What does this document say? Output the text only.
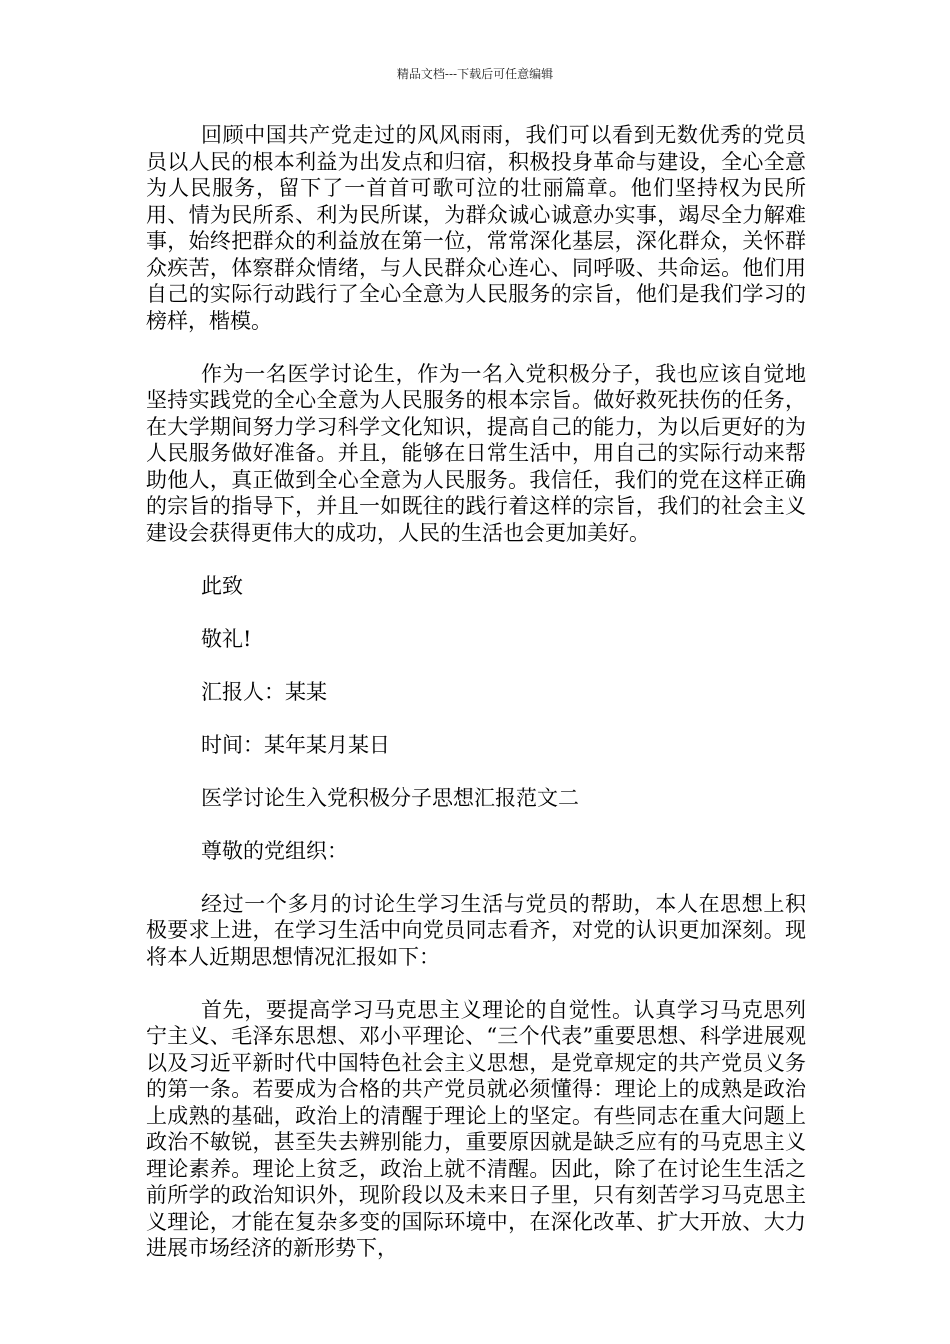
精品文档---下载后可任意编辑

回顾中国共产党走过的风风雨雨，我们可以看到无数优秀的党员员以人民的根本利益为出发点和归宿，积极投身革命与建设，全心全意为人民服务，留下了一首首可歌可泣的壮丽篇章。他们坚持权为民所用、情为民所系、利为民所谋，为群众诚心诚意办实事，竭尽全力解难事，始终把群众的利益放在第一位，常常深化基层，深化群众，关怀群众疾苦，体察群众情绪，与人民群众心连心、同呼吸、共命运。他们用自己的实际行动践行了全心全意为人民服务的宗旨，他们是我们学习的榜样，楷模。

作为一名医学讨论生，作为一名入党积极分子，我也应该自觉地坚持实践党的全心全意为人民服务的根本宗旨。做好救死扶伤的任务，在大学期间努力学习科学文化知识，提高自己的能力，为以后更好的为人民服务做好准备。并且，能够在日常生活中，用自己的实际行动来帮助他人，真正做到全心全意为人民服务。我信任，我们的党在这样正确的宗旨的指导下，并且一如既往的践行着这样的宗旨，我们的社会主义建设会获得更伟大的成功，人民的生活也会更加美好。

此致

敬礼!

汇报人：某某

时间：某年某月某日

医学讨论生入党积极分子思想汇报范文二

尊敬的党组织：

经过一个多月的讨论生学习生活与党员的帮助，本人在思想上积极要求上进，在学习生活中向党员同志看齐，对党的认识更加深刻。现将本人近期思想情况汇报如下：

首先，要提高学习马克思主义理论的自觉性。认真学习马克思列宁主义、毛泽东思想、邓小平理论、“三个代表”重要思想、科学进展观以及习近平新时代中国特色社会主义思想，是党章规定的共产党员义务的第一条。若要成为合格的共产党员就必须懂得：理论上的成熟是政治上成熟的基础，政治上的清醒于理论上的坚定。有些同志在重大问题上政治不敏锐，甚至失去辨别能力，重要原因就是缺乏应有的马克思主义理论素养。理论上贫乏，政治上就不清醒。因此，除了在讨论生生活之前所学的政治知识外，现阶段以及未来日子里，只有刻苦学习马克思主义理论，才能在复杂多变的国际环境中，在深化改革、扩大开放、大力进展市场经济的新形势下，
